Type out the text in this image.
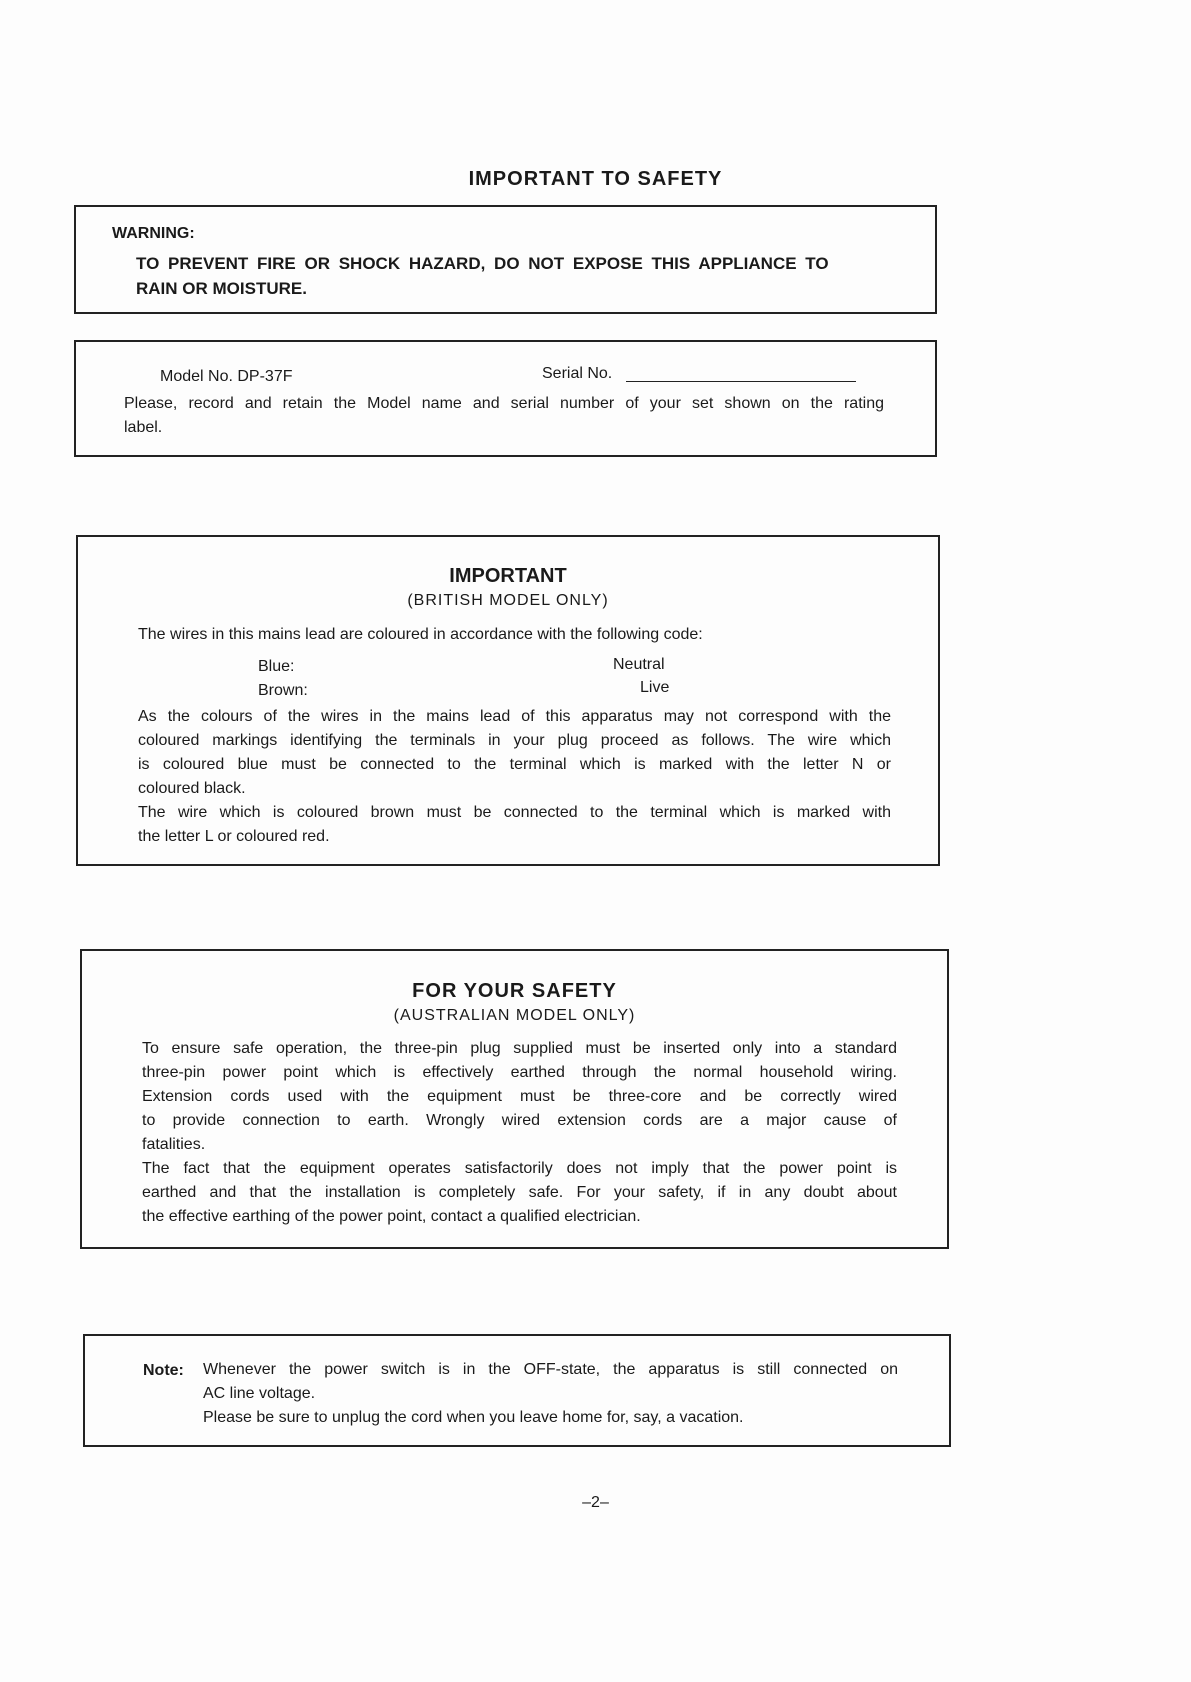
IMPORTANT TO SAFETY
WARNING:
TO PREVENT FIRE OR SHOCK HAZARD, DO NOT EXPOSE THIS APPLIANCE TO
RAIN OR MOISTURE.
Model No. DP-37F	Serial No.
Please, record and retain the Model name and serial number of your set shown on the rating
label.
IMPORTANT
(BRITISH MODEL ONLY)
The wires in this mains lead are coloured in accordance with the following code:
Blue:	Neutral
Brown:	Live
As the colours of the wires in the mains lead of this apparatus may not correspond with the
coloured markings identifying the terminals in your plug proceed as follows. The wire which
is coloured blue must be connected to the terminal which is marked with the letter N or
coloured black.
The wire which is coloured brown must be connected to the terminal which is marked with
the letter L or coloured red.
FOR YOUR SAFETY
(AUSTRALIAN MODEL ONLY)
To ensure safe operation, the three-pin plug supplied must be inserted only into a standard
three-pin power point which is effectively earthed through the normal household wiring.
Extension cords used with the equipment must be three-core and be correctly wired
to provide connection to earth. Wrongly wired extension cords are a major cause of
fatalities.
The fact that the equipment operates satisfactorily does not imply that the power point is
earthed and that the installation is completely safe. For your safety, if in any doubt about
the effective earthing of the power point, contact a qualified electrician.
Note: Whenever the power switch is in the OFF-state, the apparatus is still connected on
AC line voltage.
Please be sure to unplug the cord when you leave home for, say, a vacation.
–2–
